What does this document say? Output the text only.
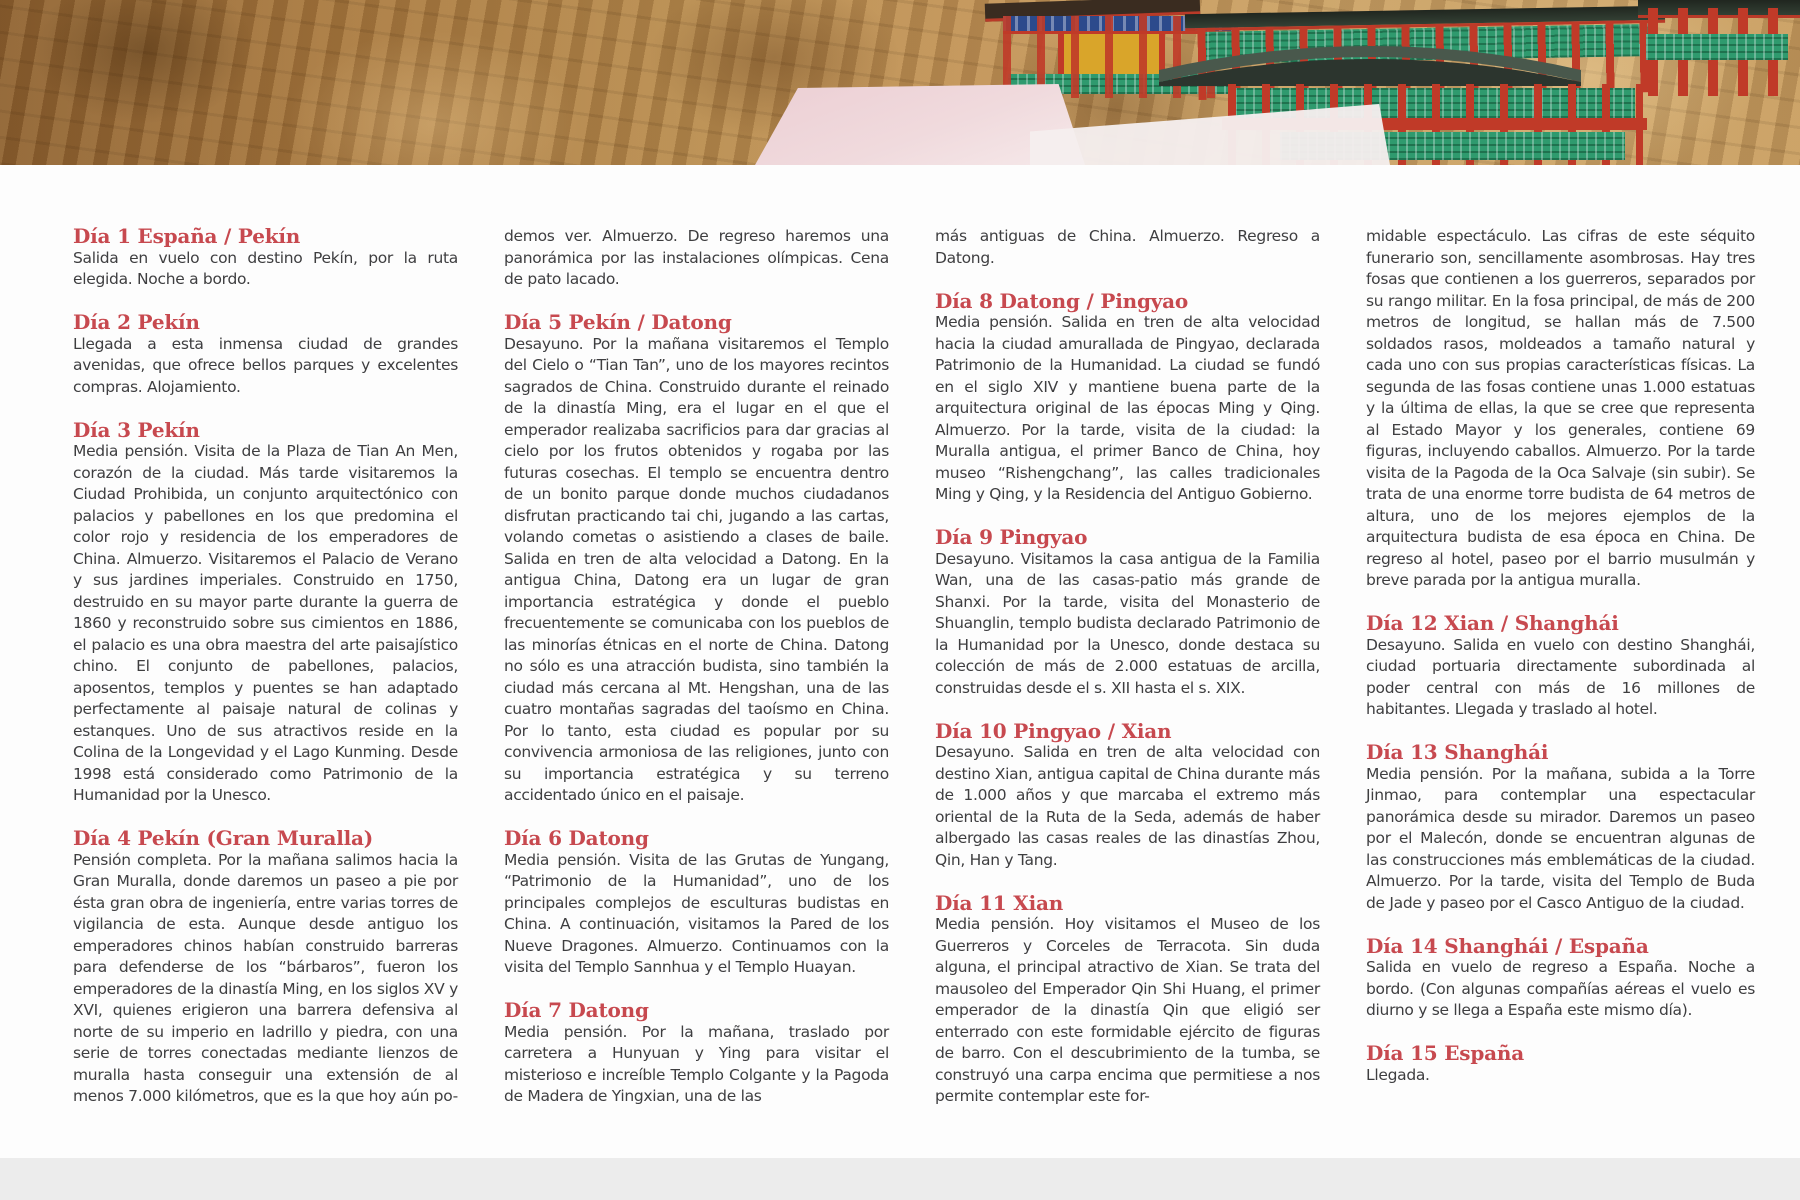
Día 1 España / Pekín

Salida en vuelo con destino Pekín, por la ruta elegida. Noche a bordo.

Día 2 Pekín

Llegada a esta inmensa ciudad de grandes avenidas, que ofrece bellos parques y excelentes compras. Alojamiento.

Día 3 Pekín

Media pensión. Visita de la Plaza de Tian An Men, corazón de la ciudad. Más tarde visitaremos la Ciudad Prohibida, un conjunto arquitectónico con palacios y pabellones en los que predomina el color rojo y residencia de los emperadores de China. Almuerzo. Visitaremos el Palacio de Verano y sus jardines imperiales. Construido en 1750, destruido en su mayor parte durante la guerra de 1860 y reconstruido sobre sus cimientos en 1886, el palacio es una obra maestra del arte paisajístico chino. El conjunto de pabellones, palacios, aposentos, templos y puentes se han adaptado perfectamente al paisaje natural de colinas y estanques. Uno de sus atractivos reside en la Colina de la Longevidad y el Lago Kunming. Desde 1998 está considerado como Patrimonio de la Humanidad por la Unesco.

Día 4 Pekín (Gran Muralla)

Pensión completa. Por la mañana salimos hacia la Gran Muralla, donde daremos un paseo a pie por ésta gran obra de ingeniería, entre varias torres de vigilancia de esta. Aunque desde antiguo los emperadores chinos habían construido barreras para defenderse de los “bárbaros”, fueron los emperadores de la dinastía Ming, en los siglos XV y XVI, quienes erigieron una barrera defensiva al norte de su imperio en ladrillo y piedra, con una serie de torres conectadas mediante lienzos de muralla hasta conseguir una extensión de al menos 7.000 kilómetros, que es la que hoy aún po-

demos ver. Almuerzo. De regreso haremos una panorámica por las instalaciones olímpicas. Cena de pato lacado.

Día 5 Pekín / Datong

Desayuno. Por la mañana visitaremos el Templo del Cielo o “Tian Tan”, uno de los mayores recintos sagrados de China. Construido durante el reinado de la dinastía Ming, era el lugar en el que el emperador realizaba sacrificios para dar gracias al cielo por los frutos obtenidos y rogaba por las futuras cosechas. El templo se encuentra dentro de un bonito parque donde muchos ciudadanos disfrutan practicando tai chi, jugando a las cartas, volando cometas o asistiendo a clases de baile. Salida en tren de alta velocidad a Datong. En la antigua China, Datong era un lugar de gran importancia estratégica y donde el pueblo frecuentemente se comunicaba con los pueblos de las minorías étnicas en el norte de China. Datong no sólo es una atracción budista, sino también la ciudad más cercana al Mt. Hengshan, una de las cuatro montañas sagradas del taoísmo en China. Por lo tanto, esta ciudad es popular por su convivencia armoniosa de las religiones, junto con su importancia estratégica y su terreno accidentado único en el paisaje.

Día 6 Datong

Media pensión. Visita de las Grutas de Yungang, “Patrimonio de la Humanidad”, uno de los principales complejos de esculturas budistas en China. A continuación, visitamos la Pared de los Nueve Dragones. Almuerzo. Continuamos con la visita del Templo Sannhua y el Templo Huayan.

Día 7 Datong

Media pensión. Por la mañana, traslado por carretera a Hunyuan y Ying para visitar el misterioso e increíble Templo Colgante y la Pagoda de Madera de Yingxian, una de las

más antiguas de China. Almuerzo. Regreso a Datong.

Día 8 Datong / Pingyao

Media pensión. Salida en tren de alta velocidad hacia la ciudad amurallada de Pingyao, declarada Patrimonio de la Humanidad. La ciudad se fundó en el siglo XIV y mantiene buena parte de la arquitectura original de las épocas Ming y Qing. Almuerzo. Por la tarde, visita de la ciudad: la Muralla antigua, el primer Banco de China, hoy museo “Rishengchang”, las calles tradicionales Ming y Qing, y la Residencia del Antiguo Gobierno.

Día 9 Pingyao

Desayuno. Visitamos la casa antigua de la Familia Wan, una de las casas-patio más grande de Shanxi. Por la tarde, visita del Monasterio de Shuanglin, templo budista declarado Patrimonio de la Humanidad por la Unesco, donde destaca su colección de más de 2.000 estatuas de arcilla, construidas desde el s. XII hasta el s. XIX.

Día 10 Pingyao / Xian

Desayuno. Salida en tren de alta velocidad con destino Xian, antigua capital de China durante más de 1.000 años y que marcaba el extremo más oriental de la Ruta de la Seda, además de haber albergado las casas reales de las dinastías Zhou, Qin, Han y Tang.

Día 11 Xian

Media pensión. Hoy visitamos el Museo de los Guerreros y Corceles de Terracota. Sin duda alguna, el principal atractivo de Xian. Se trata del mausoleo del Emperador Qin Shi Huang, el primer emperador de la dinastía Qin que eligió ser enterrado con este formidable ejército de figuras de barro. Con el descubrimiento de la tumba, se construyó una carpa encima que permitiese a nos permite contemplar este for-

midable espectáculo. Las cifras de este séquito funerario son, sencillamente asombrosas. Hay tres fosas que contienen a los guerreros, separados por su rango militar. En la fosa principal, de más de 200 metros de longitud, se hallan más de 7.500 soldados rasos, moldeados a tamaño natural y cada uno con sus propias características físicas. La segunda de las fosas contiene unas 1.000 estatuas y la última de ellas, la que se cree que representa al Estado Mayor y los generales, contiene 69 figuras, incluyendo caballos. Almuerzo. Por la tarde visita de la Pagoda de la Oca Salvaje (sin subir). Se trata de una enorme torre budista de 64 metros de altura, uno de los mejores ejemplos de la arquitectura budista de esa época en China. De regreso al hotel, paseo por el barrio musulmán y breve parada por la antigua muralla.

Día 12 Xian / Shanghái

Desayuno. Salida en vuelo con destino Shanghái, ciudad portuaria directamente subordinada al poder central con más de 16 millones de habitantes. Llegada y traslado al hotel.

Día 13 Shanghái

Media pensión. Por la mañana, subida a la Torre Jinmao, para contemplar una espectacular panorámica desde su mirador. Daremos un paseo por el Malecón, donde se encuentran algunas de las construcciones más emblemáticas de la ciudad. Almuerzo. Por la tarde, visita del Templo de Buda de Jade y paseo por el Casco Antiguo de la ciudad.

Día 14 Shanghái / España

Salida en vuelo de regreso a España. Noche a bordo. (Con algunas compañías aéreas el vuelo es diurno y se llega a España este mismo día).

Día 15 España

Llegada.
